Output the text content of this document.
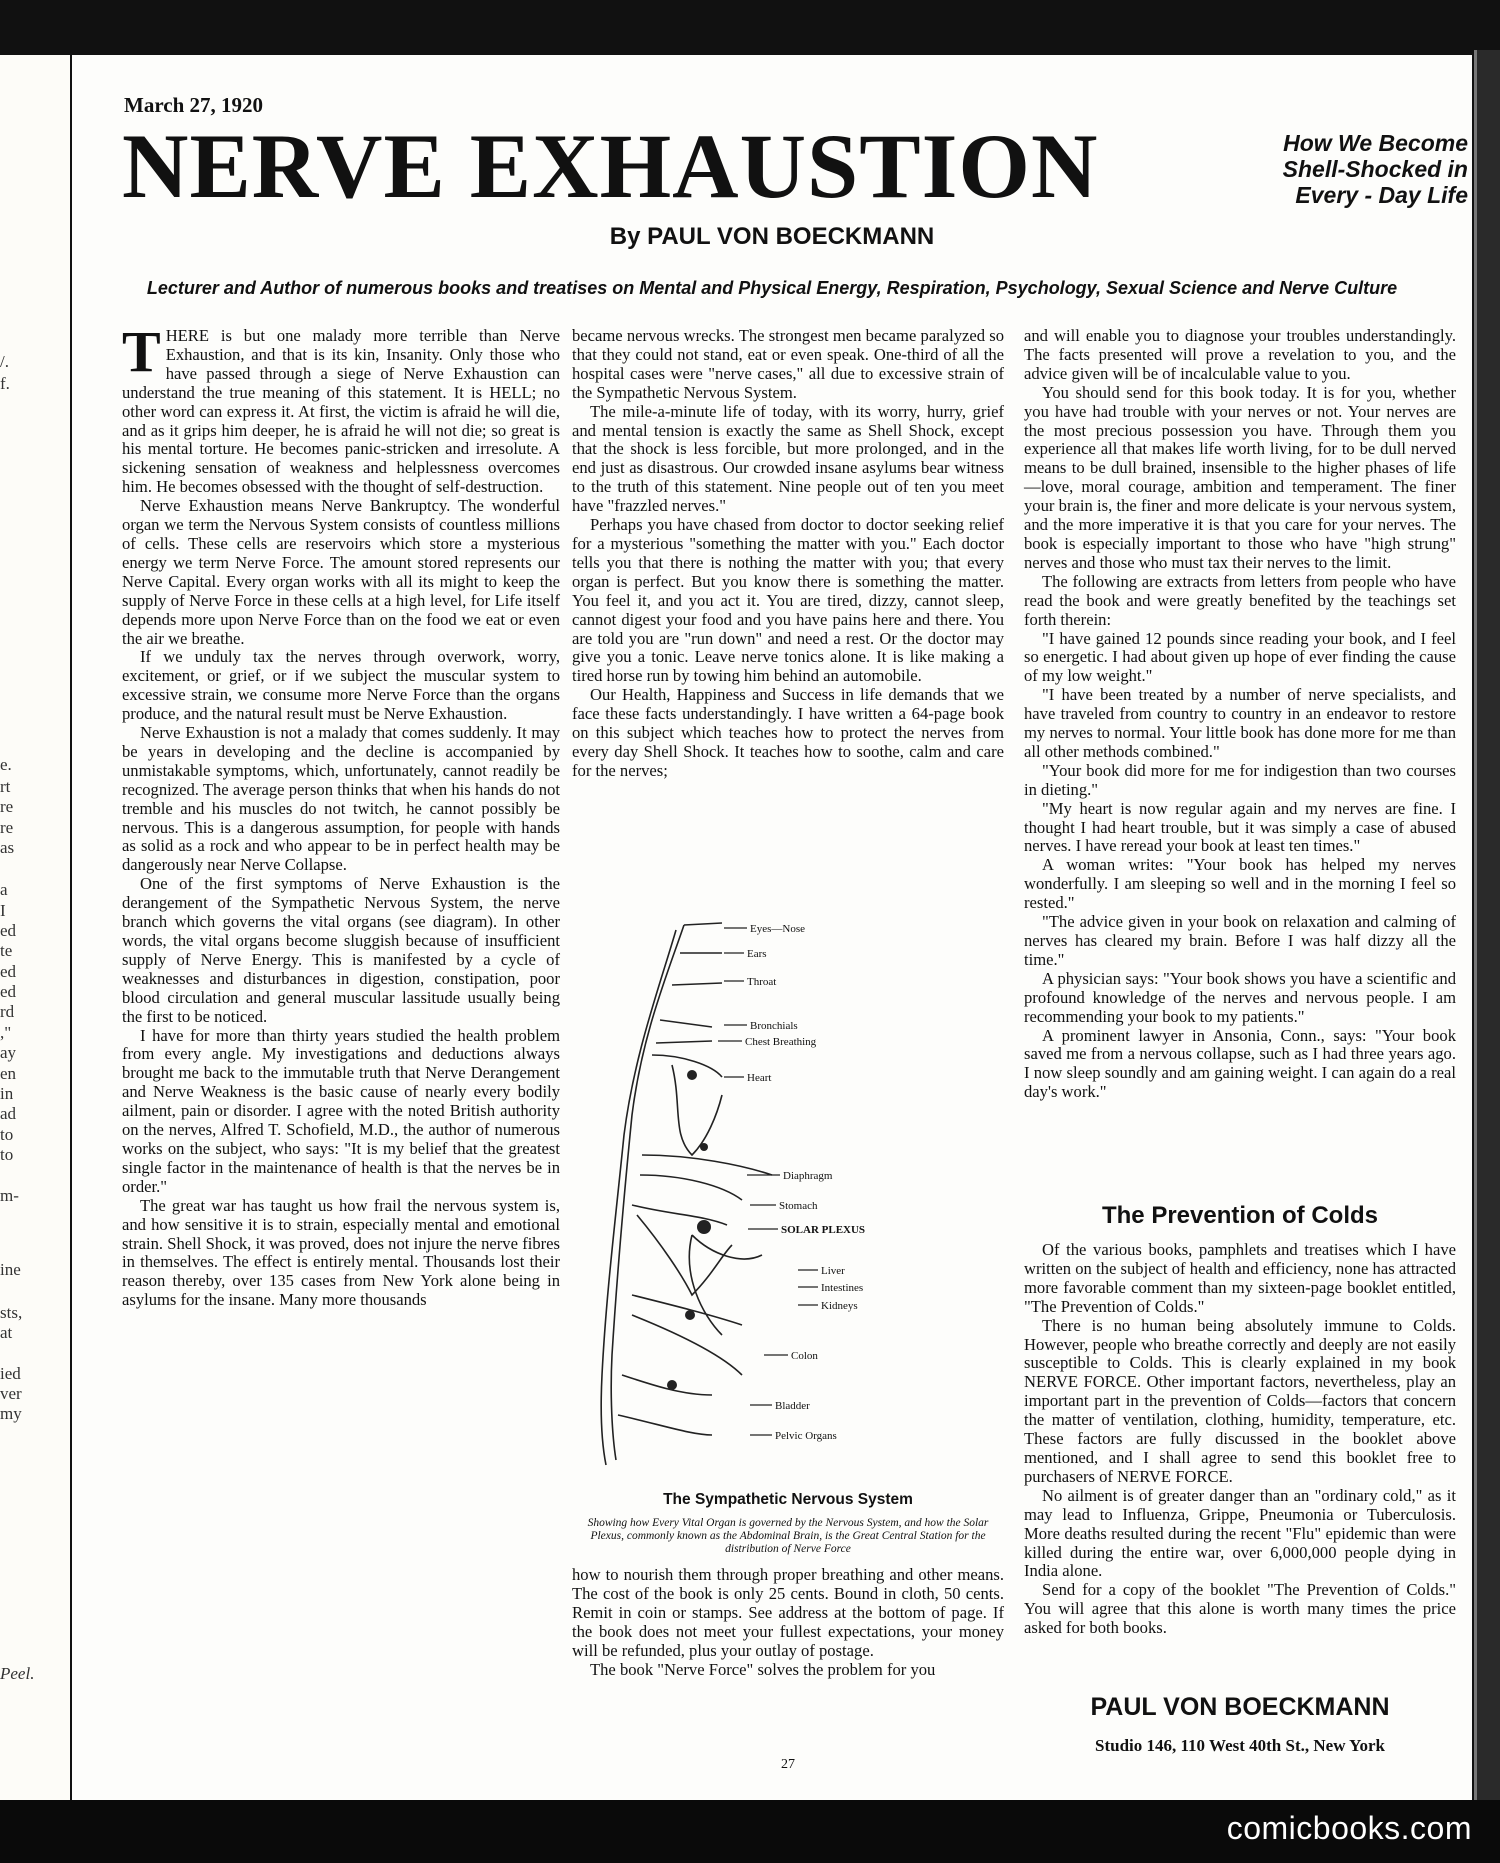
/.
f.
e.
rt
re
re
as
a
I
ed
te
ed
ed
rd
,"
ay
en
in
ad
to
to
m-
ine
sts,
at
ied
ver
my
Peel.
March 27, 1920
NERVE EXHAUSTION	How We Become
Shell-Shocked in
Every - Day Life
By PAUL VON BOECKMANN
Lecturer and Author of numerous books and treatises on Mental and Physical Energy, Respiration, Psychology, Sexual Science and Nerve Culture

THERE is but one malady more terrible than Nerve Exhaustion, and that is its kin, Insanity. Only those who have passed through a siege of Nerve Exhaustion can understand the true meaning of this statement. It is HELL; no other word can express it. At first, the victim is afraid he will die, and as it grips him deeper, he is afraid he will not die; so great is his mental torture. He becomes panic-stricken and irresolute. A sickening sensation of weakness and helplessness overcomes him. He becomes obsessed with the thought of self-destruction.

Nerve Exhaustion means Nerve Bankruptcy. The wonderful organ we term the Nervous System consists of countless millions of cells. These cells are reservoirs which store a mysterious energy we term Nerve Force. The amount stored represents our Nerve Capital. Every organ works with all its might to keep the supply of Nerve Force in these cells at a high level, for Life itself depends more upon Nerve Force than on the food we eat or even the air we breathe.

If we unduly tax the nerves through overwork, worry, excitement, or grief, or if we subject the muscular system to excessive strain, we consume more Nerve Force than the organs produce, and the natural result must be Nerve Exhaustion.

Nerve Exhaustion is not a malady that comes suddenly. It may be years in developing and the decline is accompanied by unmistakable symptoms, which, unfortunately, cannot readily be recognized. The average person thinks that when his hands do not tremble and his muscles do not twitch, he cannot possibly be nervous. This is a dangerous assumption, for people with hands as solid as a rock and who appear to be in perfect health may be dangerously near Nerve Collapse.

One of the first symptoms of Nerve Exhaustion is the derangement of the Sympathetic Nervous System, the nerve branch which governs the vital organs (see diagram). In other words, the vital organs become sluggish because of insufficient supply of Nerve Energy. This is manifested by a cycle of weaknesses and disturbances in digestion, constipation, poor blood circulation and general muscular lassitude usually being the first to be noticed.

I have for more than thirty years studied the health problem from every angle. My investigations and deductions always brought me back to the immutable truth that Nerve Derangement and Nerve Weakness is the basic cause of nearly every bodily ailment, pain or disorder. I agree with the noted British authority on the nerves, Alfred T. Schofield, M.D., the author of numerous works on the subject, who says: "It is my belief that the greatest single factor in the maintenance of health is that the nerves be in order."

The great war has taught us how frail the nervous system is, and how sensitive it is to strain, especially mental and emotional strain. Shell Shock, it was proved, does not injure the nerve fibres in themselves. The effect is entirely mental. Thousands lost their reason thereby, over 135 cases from New York alone being in asylums for the insane. Many more thousands

became nervous wrecks. The strongest men became paralyzed so that they could not stand, eat or even speak. One-third of all the hospital cases were "nerve cases," all due to excessive strain of the Sympathetic Nervous System.

The mile-a-minute life of today, with its worry, hurry, grief and mental tension is exactly the same as Shell Shock, except that the shock is less forcible, but more prolonged, and in the end just as disastrous. Our crowded insane asylums bear witness to the truth of this statement. Nine people out of ten you meet have "frazzled nerves."

Perhaps you have chased from doctor to doctor seeking relief for a mysterious "something the matter with you." Each doctor tells you that there is nothing the matter with you; that every organ is perfect. But you know there is something the matter. You feel it, and you act it. You are tired, dizzy, cannot sleep, cannot digest your food and you have pains here and there. You are told you are "run down" and need a rest. Or the doctor may give you a tonic. Leave nerve tonics alone. It is like making a tired horse run by towing him behind an automobile.

Our Health, Happiness and Success in life demands that we face these facts understandingly. I have written a 64-page book on this subject which teaches how to protect the nerves from every day Shell Shock. It teaches how to soothe, calm and care for the nerves;

Eyes—Nose
Ears
Throat
Bronchials
Chest Breathing
Heart
Diaphragm
Stomach
SOLAR PLEXUS
Liver
Intestines
Kidneys
Colon
Bladder
Pelvic Organs
The Sympathetic Nervous System
Showing how Every Vital Organ is governed by the Nervous System, and how the Solar Plexus, commonly known as the Abdominal Brain, is the Great Central Station for the distribution of Nerve Force

how to nourish them through proper breathing and other means. The cost of the book is only 25 cents. Bound in cloth, 50 cents. Remit in coin or stamps. See address at the bottom of page. If the book does not meet your fullest expectations, your money will be refunded, plus your outlay of postage.

The book "Nerve Force" solves the problem for you

and will enable you to diagnose your troubles understandingly. The facts presented will prove a revelation to you, and the advice given will be of incalculable value to you.

You should send for this book today. It is for you, whether you have had trouble with your nerves or not. Your nerves are the most precious possession you have. Through them you experience all that makes life worth living, for to be dull nerved means to be dull brained, insensible to the higher phases of life—love, moral courage, ambition and temperament. The finer your brain is, the finer and more delicate is your nervous system, and the more imperative it is that you care for your nerves. The book is especially important to those who have "high strung" nerves and those who must tax their nerves to the limit.

The following are extracts from letters from people who have read the book and were greatly benefited by the teachings set forth therein:

"I have gained 12 pounds since reading your book, and I feel so energetic. I had about given up hope of ever finding the cause of my low weight."

"I have been treated by a number of nerve specialists, and have traveled from country to country in an endeavor to restore my nerves to normal. Your little book has done more for me than all other methods combined."

"Your book did more for me for indigestion than two courses in dieting."

"My heart is now regular again and my nerves are fine. I thought I had heart trouble, but it was simply a case of abused nerves. I have reread your book at least ten times."

A woman writes: "Your book has helped my nerves wonderfully. I am sleeping so well and in the morning I feel so rested."

"The advice given in your book on relaxation and calming of nerves has cleared my brain. Before I was half dizzy all the time."

A physician says: "Your book shows you have a scientific and profound knowledge of the nerves and nervous people. I am recommending your book to my patients."

A prominent lawyer in Ansonia, Conn., says: "Your book saved me from a nervous collapse, such as I had three years ago. I now sleep soundly and am gaining weight. I can again do a real day's work."

The Prevention of Colds

Of the various books, pamphlets and treatises which I have written on the subject of health and efficiency, none has attracted more favorable comment than my sixteen-page booklet entitled, "The Prevention of Colds."

There is no human being absolutely immune to Colds. However, people who breathe correctly and deeply are not easily susceptible to Colds. This is clearly explained in my book NERVE FORCE. Other important factors, nevertheless, play an important part in the prevention of Colds—factors that concern the matter of ventilation, clothing, humidity, temperature, etc. These factors are fully discussed in the booklet above mentioned, and I shall agree to send this booklet free to purchasers of NERVE FORCE.

No ailment is of greater danger than an "ordinary cold," as it may lead to Influenza, Grippe, Pneumonia or Tuberculosis. More deaths resulted during the recent "Flu" epidemic than were killed during the entire war, over 6,000,000 people dying in India alone.

Send for a copy of the booklet "The Prevention of Colds." You will agree that this alone is worth many times the price asked for both books.

PAUL VON BOECKMANN
Studio 146, 110 West 40th St., New York
27
comicbooks.com
